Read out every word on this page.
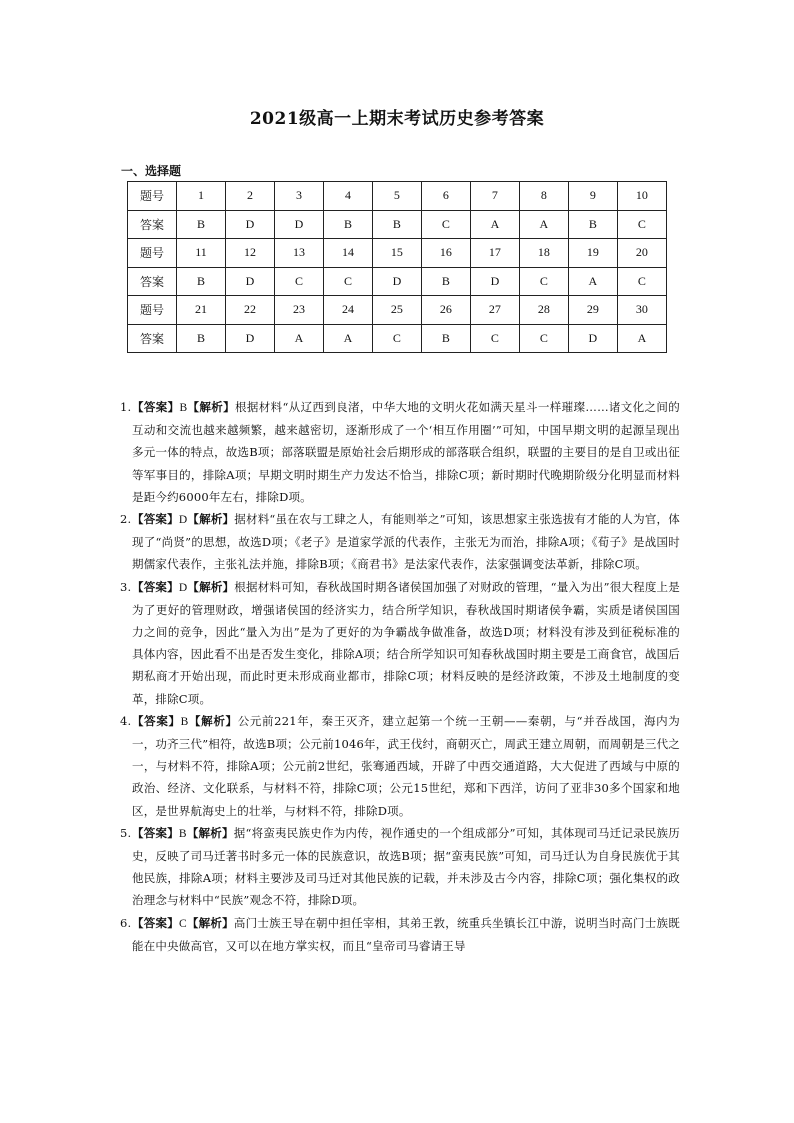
2021级高一上期末考试历史参考答案
一、选择题
题号	1	2	3	4	5	6	7	8	9	10
答案	B	D	D	B	B	C	A	A	B	C
题号	11	12	13	14	15	16	17	18	19	20
答案	B	D	C	C	D	B	D	C	A	C
题号	21	22	23	24	25	26	27	28	29	30
答案	B	D	A	A	C	B	C	C	D	A
1. 【答案】B【解析】根据材料“从辽西到良渚，中华大地的文明火花如满天星斗一样璀璨……诸文化之间的互动和交流也越来越频繁，越来越密切，逐渐形成了一个‘相互作用圈’”可知，中国早期文明的起源呈现出多元一体的特点，故选B项；部落联盟是原始社会后期形成的部落联合组织，联盟的主要目的是自卫或出征等军事目的，排除A项；早期文明时期生产力发达不恰当，排除C项；新时期时代晚期阶级分化明显而材料是距今约6000年左右，排除D项。
2. 【答案】D【解析】据材料“虽在农与工肆之人，有能则举之”可知，该思想家主张选拔有才能的人为官，体现了“尚贤”的思想，故选D项；《老子》是道家学派的代表作，主张无为而治，排除A项；《荀子》是战国时期儒家代表作，主张礼法并施，排除B项；《商君书》是法家代表作，法家强调变法革新，排除C项。
3. 【答案】D【解析】根据材料可知，春秋战国时期各诸侯国加强了对财政的管理，“量入为出”很大程度上是为了更好的管理财政，增强诸侯国的经济实力，结合所学知识，春秋战国时期诸侯争霸，实质是诸侯国国力之间的竞争，因此“量入为出”是为了更好的为争霸战争做准备，故选D项；材料没有涉及到征税标准的具体内容，因此看不出是否发生变化，排除A项；结合所学知识可知春秋战国时期主要是工商食官，战国后期私商才开始出现，而此时更未形成商业都市，排除C项；材料反映的是经济政策，不涉及土地制度的变革，排除C项。
4. 【答案】B【解析】公元前221年，秦王灭齐，建立起第一个统一王朝——秦朝，与“并吞战国，海内为一，功齐三代”相符，故选B项；公元前1046年，武王伐纣，商朝灭亡，周武王建立周朝，而周朝是三代之一，与材料不符，排除A项；公元前2世纪，张骞通西域，开辟了中西交通道路，大大促进了西域与中原的政治、经济、文化联系，与材料不符，排除C项；公元15世纪，郑和下西洋，访问了亚非30多个国家和地区，是世界航海史上的壮举，与材料不符，排除D项。
5. 【答案】B【解析】据“将蛮夷民族史作为内传，视作通史的一个组成部分”可知，其体现司马迁记录民族历史，反映了司马迁著书时多元一体的民族意识，故选B项；据“蛮夷民族”可知，司马迁认为自身民族优于其他民族，排除A项；材料主要涉及司马迁对其他民族的记载，并未涉及古今内容，排除C项；强化集权的政治理念与材料中“民族”观念不符，排除D项。
6. 【答案】C【解析】高门士族王导在朝中担任宰相，其弟王敦，统重兵坐镇长江中游，说明当时高门士族既能在中央做高官，又可以在地方掌实权，而且“皇帝司马睿请王导
